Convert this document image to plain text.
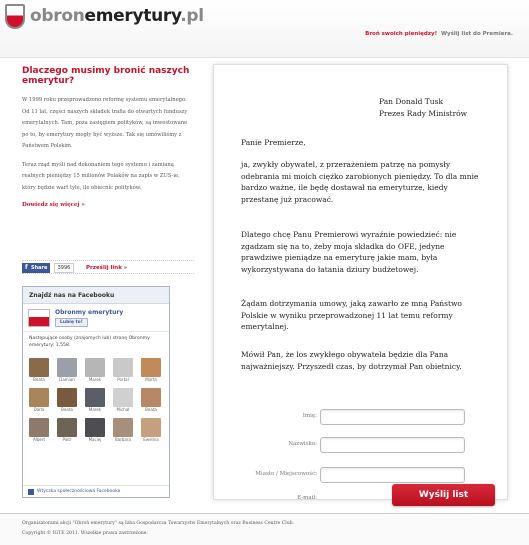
obronemerytury.pl
Broń swoich pieniędzy! Wyślij list do Premiera.
Dlaczego musimy bronić naszych emerytur?

W 1999 roku przeprowadzono reformę systemu emerytalnego. Od 11 lat, części naszych składek trafia do otwartych funduszy emerytalnych. Tam, poza zasięgiem polityków, są inwestowane po to, by emerytury mogły być wyższe. Tak się umówiliśmy z Państwem Polskim.

Teraz rząd myśli nad dokonaniem tego systemu i zamianą realnych pieniędzy 15 milionów Polaków na zapis w ZUS-ie, który będzie wart tyle, ile obiecnic polityków.

Dowiedz się więcej »
f Share	3996	Prześlij link »
Znajdź nas na Facebooku
Obronmy emerytury
Lubię to!
Następujące osoby (znajomych lub) stronę Obronmy emerytury: 1,558.
Beata	Damian	Marek	Portal	Marta
Darla	Beata	Marek	Michał	Beata
Albert	Piotr	Maciej	Barbara	Ewelina
Wtyczka społecznościowa Facebooka
Pan Donald Tusk
Prezes Rady Ministrów
Panie Premierze,
ja, zwykły obywatel, z przerażeniem patrzę na pomysły odebrania mi moich ciężko zarobionych pieniędzy. To dla mnie bardzo ważne, ile będę dostawał na emeryturze, kiedy przestanę już pracować.
Dlatego chcę Panu Premierowi wyraźnie powiedzieć: nie zgadzam się na to, żeby moja składka do OFE, jedyne prawdziwe pieniądze na emeryturę jakie mam, była wykorzystywana do łatania dziury budżetowej.
Żądam dotrzymania umowy, jaką zawarło ze mną Państwo Polskie w wyniku przeprowadzonej 11 lat temu reformy emerytalnej.
Mówił Pan, że los zwykłego obywatela będzie dla Pana najważniejszy. Przyszedł czas, by dotrzymał Pan obietnicy.
Imię:
Nazwisko:
Miasto / Miejscowość:
E-mail:	Wyślij list

Organizatorami akcji "Obroń emerytury" są Izba Gospodarcza Towarzystw Emerytalnych oraz Business Centre Club.

Copyright © IGTE 2011. Wszelkie prawa zastrzeżone.
